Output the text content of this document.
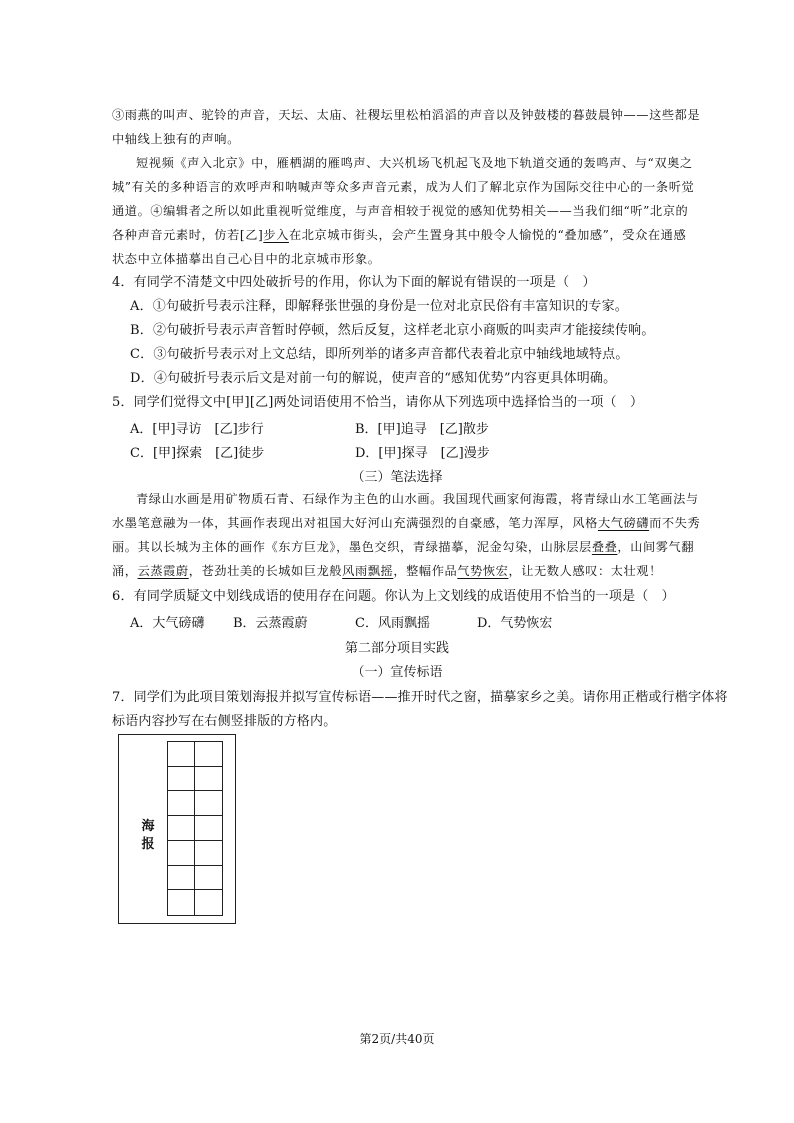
③雨燕的叫声、驼铃的声音，天坛、太庙、社稷坛里松柏滔滔的声音以及钟鼓楼的暮鼓晨钟——这些都是
中轴线上独有的声响。
短视频《声入北京》中，雁栖湖的雁鸣声、大兴机场飞机起飞及地下轨道交通的轰鸣声、与“双奥之
城”有关的多种语言的欢呼声和呐喊声等众多声音元素，成为人们了解北京作为国际交往中心的一条听觉
通道。④编辑者之所以如此重视听觉维度，与声音相较于视觉的感知优势相关——当我们细“听”北京的
各种声音元素时，仿若[乙]步入在北京城市街头，会产生置身其中般令人愉悦的“叠加感”，受众在通感
状态中立体描摹出自己心目中的北京城市形象。
4．有同学不清楚文中四处破折号的作用，你认为下面的解说有错误的一项是（　）
A．①句破折号表示注释，即解释张世强的身份是一位对北京民俗有丰富知识的专家。
B．②句破折号表示声音暂时停顿，然后反复，这样老北京小商贩的叫卖声才能接续传响。
C．③句破折号表示对上文总结，即所列举的诸多声音都代表着北京中轴线地域特点。
D．④句破折号表示后文是对前一句的解说，使声音的“感知优势”内容更具体明确。
5．同学们觉得文中[甲][乙]两处词语使用不恰当，请你从下列选项中选择恰当的一项（　）
A．[甲]寻访　[乙]步行	B．[甲]追寻　[乙]散步
C．[甲]探索　[乙]徒步	D．[甲]探寻　[乙]漫步
（三）笔法选择
青绿山水画是用矿物质石青、石绿作为主色的山水画。我国现代画家何海霞，将青绿山水工笔画法与
水墨笔意融为一体，其画作表现出对祖国大好河山充满强烈的自豪感，笔力浑厚，风格大气磅礴而不失秀
丽。其以长城为主体的画作《东方巨龙》，墨色交织，青绿描摹，泥金勾染，山脉层层叠叠，山间雾气翻
涌，云蒸霞蔚，苍劲壮美的长城如巨龙般风雨飘摇，整幅作品气势恢宏，让无数人感叹：太壮观！
6．有同学质疑文中划线成语的使用存在问题。你认为上文划线的成语使用不恰当的一项是（　）
A．大气磅礴 B．云蒸霞蔚	C．风雨飘摇	D．气势恢宏
第二部分项目实践
（一）宣传标语
7．同学们为此项目策划海报并拟写宣传标语——推开时代之窗，描摹家乡之美。请你用正楷或行楷字体将
标语内容抄写在右侧竖排版的方格内。
海报
第2页/共40页
